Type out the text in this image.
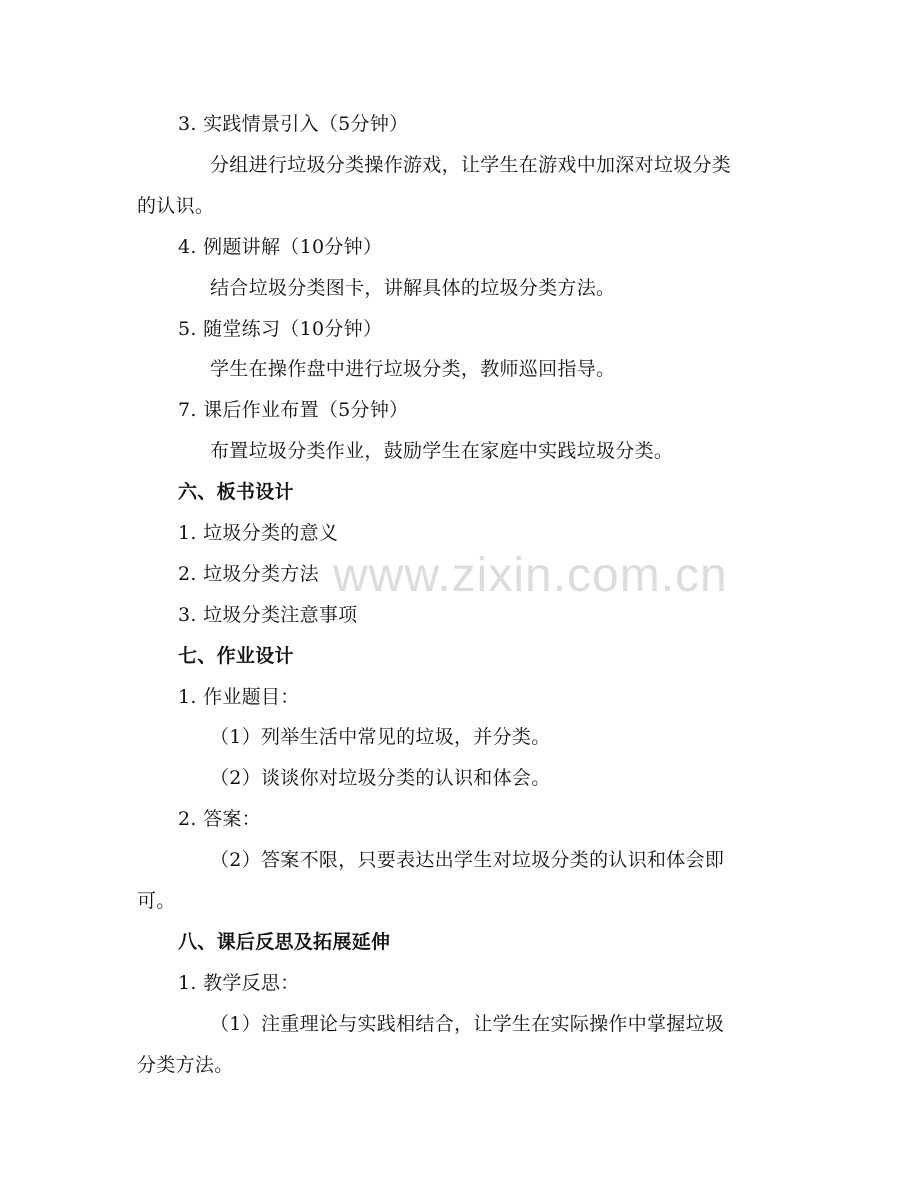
www.zixin.com.cn
3. 实践情景引入（5分钟）
分组进行垃圾分类操作游戏，让学生在游戏中加深对垃圾分类
的认识。
4. 例题讲解（10分钟）
结合垃圾分类图卡，讲解具体的垃圾分类方法。
5. 随堂练习（10分钟）
学生在操作盘中进行垃圾分类，教师巡回指导。
7. 课后作业布置（5分钟）
布置垃圾分类作业，鼓励学生在家庭中实践垃圾分类。
六、板书设计
1. 垃圾分类的意义
2. 垃圾分类方法
3. 垃圾分类注意事项
七、作业设计
1. 作业题目：
（1）列举生活中常见的垃圾，并分类。
（2）谈谈你对垃圾分类的认识和体会。
2. 答案：
（2）答案不限，只要表达出学生对垃圾分类的认识和体会即
可。
八、课后反思及拓展延伸
1. 教学反思：
（1）注重理论与实践相结合，让学生在实际操作中掌握垃圾
分类方法。
